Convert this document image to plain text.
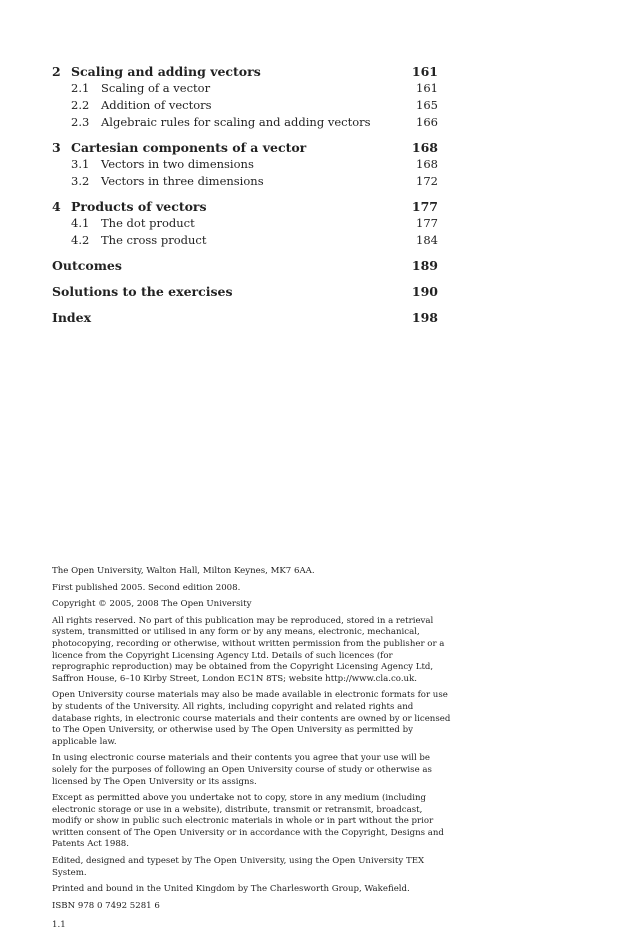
2 Scaling and adding vectors	161
2.1 Scaling of a vector	161
2.2 Addition of vectors	165
2.3 Algebraic rules for scaling and adding vectors	166
3 Cartesian components of a vector	168
3.1 Vectors in two dimensions	168
3.2 Vectors in three dimensions	172
4 Products of vectors	177
4.1 The dot product	177
4.2 The cross product	184
Outcomes	189
Solutions to the exercises	190
Index	198

The Open University, Walton Hall, Milton Keynes, MK7 6AA.

First published 2005. Second edition 2008.

Copyright © 2005, 2008 The Open University

All rights reserved. No part of this publication may be reproduced, stored in a retrieval system, transmitted or utilised in any form or by any means, electronic, mechanical, photocopying, recording or otherwise, without written permission from the publisher or a licence from the Copyright Licensing Agency Ltd. Details of such licences (for reprographic reproduction) may be obtained from the Copyright Licensing Agency Ltd, Saffron House, 6–10 Kirby Street, London EC1N 8TS; website http://www.cla.co.uk.

Open University course materials may also be made available in electronic formats for use by students of the University. All rights, including copyright and related rights and database rights, in electronic course materials and their contents are owned by or licensed to The Open University, or otherwise used by The Open University as permitted by applicable law.

In using electronic course materials and their contents you agree that your use will be solely for the purposes of following an Open University course of study or otherwise as licensed by The Open University or its assigns.

Except as permitted above you undertake not to copy, store in any medium (including electronic storage or use in a website), distribute, transmit or retransmit, broadcast, modify or show in public such electronic materials in whole or in part without the prior written consent of The Open University or in accordance with the Copyright, Designs and Patents Act 1988.

Edited, designed and typeset by The Open University, using the Open University TEX System.

Printed and bound in the United Kingdom by The Charlesworth Group, Wakefield.

ISBN 978 0 7492 5281 6

1.1
